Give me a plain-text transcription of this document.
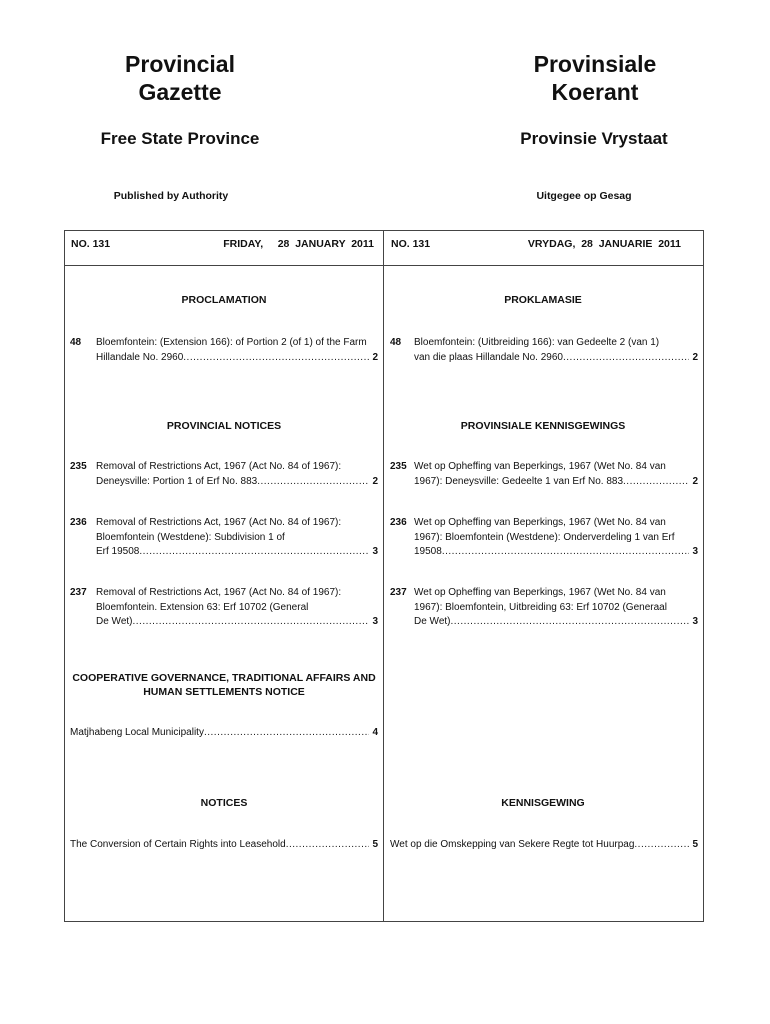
Provincial
Gazette
Provinsiale
Koerant
Free State Province	Provinsie Vrystaat
Published by Authority	Uitgegee op Gesag
NO. 131	FRIDAY,     28  JANUARY  2011 NO. 131	VRYDAG,  28  JANUARIE  2011
PROCLAMATION
48 Bloemfontein: (Extension 166): of Portion 2 (of 1) of the Farm
Hillandale No. 2960 .....	2
PROVINCIAL NOTICES
235 Removal of Restrictions Act, 1967 (Act No. 84 of 1967):
Deneysville: Portion 1 of Erf No. 883 .....	2
236 Removal of Restrictions Act, 1967 (Act No. 84 of 1967):
Bloemfontein (Westdene): Subdivision 1 of
Erf 19508 .....	3
237 Removal of Restrictions Act, 1967 (Act No. 84 of 1967):
Bloemfontein. Extension 63: Erf 10702 (General
De Wet) .....	3
COOPERATIVE GOVERNANCE, TRADITIONAL AFFAIRS AND
HUMAN SETTLEMENTS NOTICE
Matjhabeng Local Municipality .....	4
NOTICES
The Conversion of Certain Rights into Leasehold .....	5
PROKLAMASIE
48 Bloemfontein: (Uitbreiding 166): van Gedeelte 2 (van 1)
van die plaas Hillandale No. 2960 .....	2
PROVINSIALE KENNISGEWINGS
235 Wet op Opheffing van Beperkings, 1967 (Wet No. 84 van
1967): Deneysville: Gedeelte 1 van Erf No. 883 .....	2
236 Wet op Opheffing van Beperkings, 1967 (Wet No. 84 van
1967): Bloemfontein (Westdene): Onderverdeling 1 van Erf
19508 .....	3
237 Wet op Opheffing van Beperkings, 1967 (Wet No. 84 van
1967): Bloemfontein, Uitbreiding 63: Erf 10702 (Generaal
De Wet) .....	3
KENNISGEWING
Wet op die Omskepping van Sekere Regte tot Huurpag .....	5
